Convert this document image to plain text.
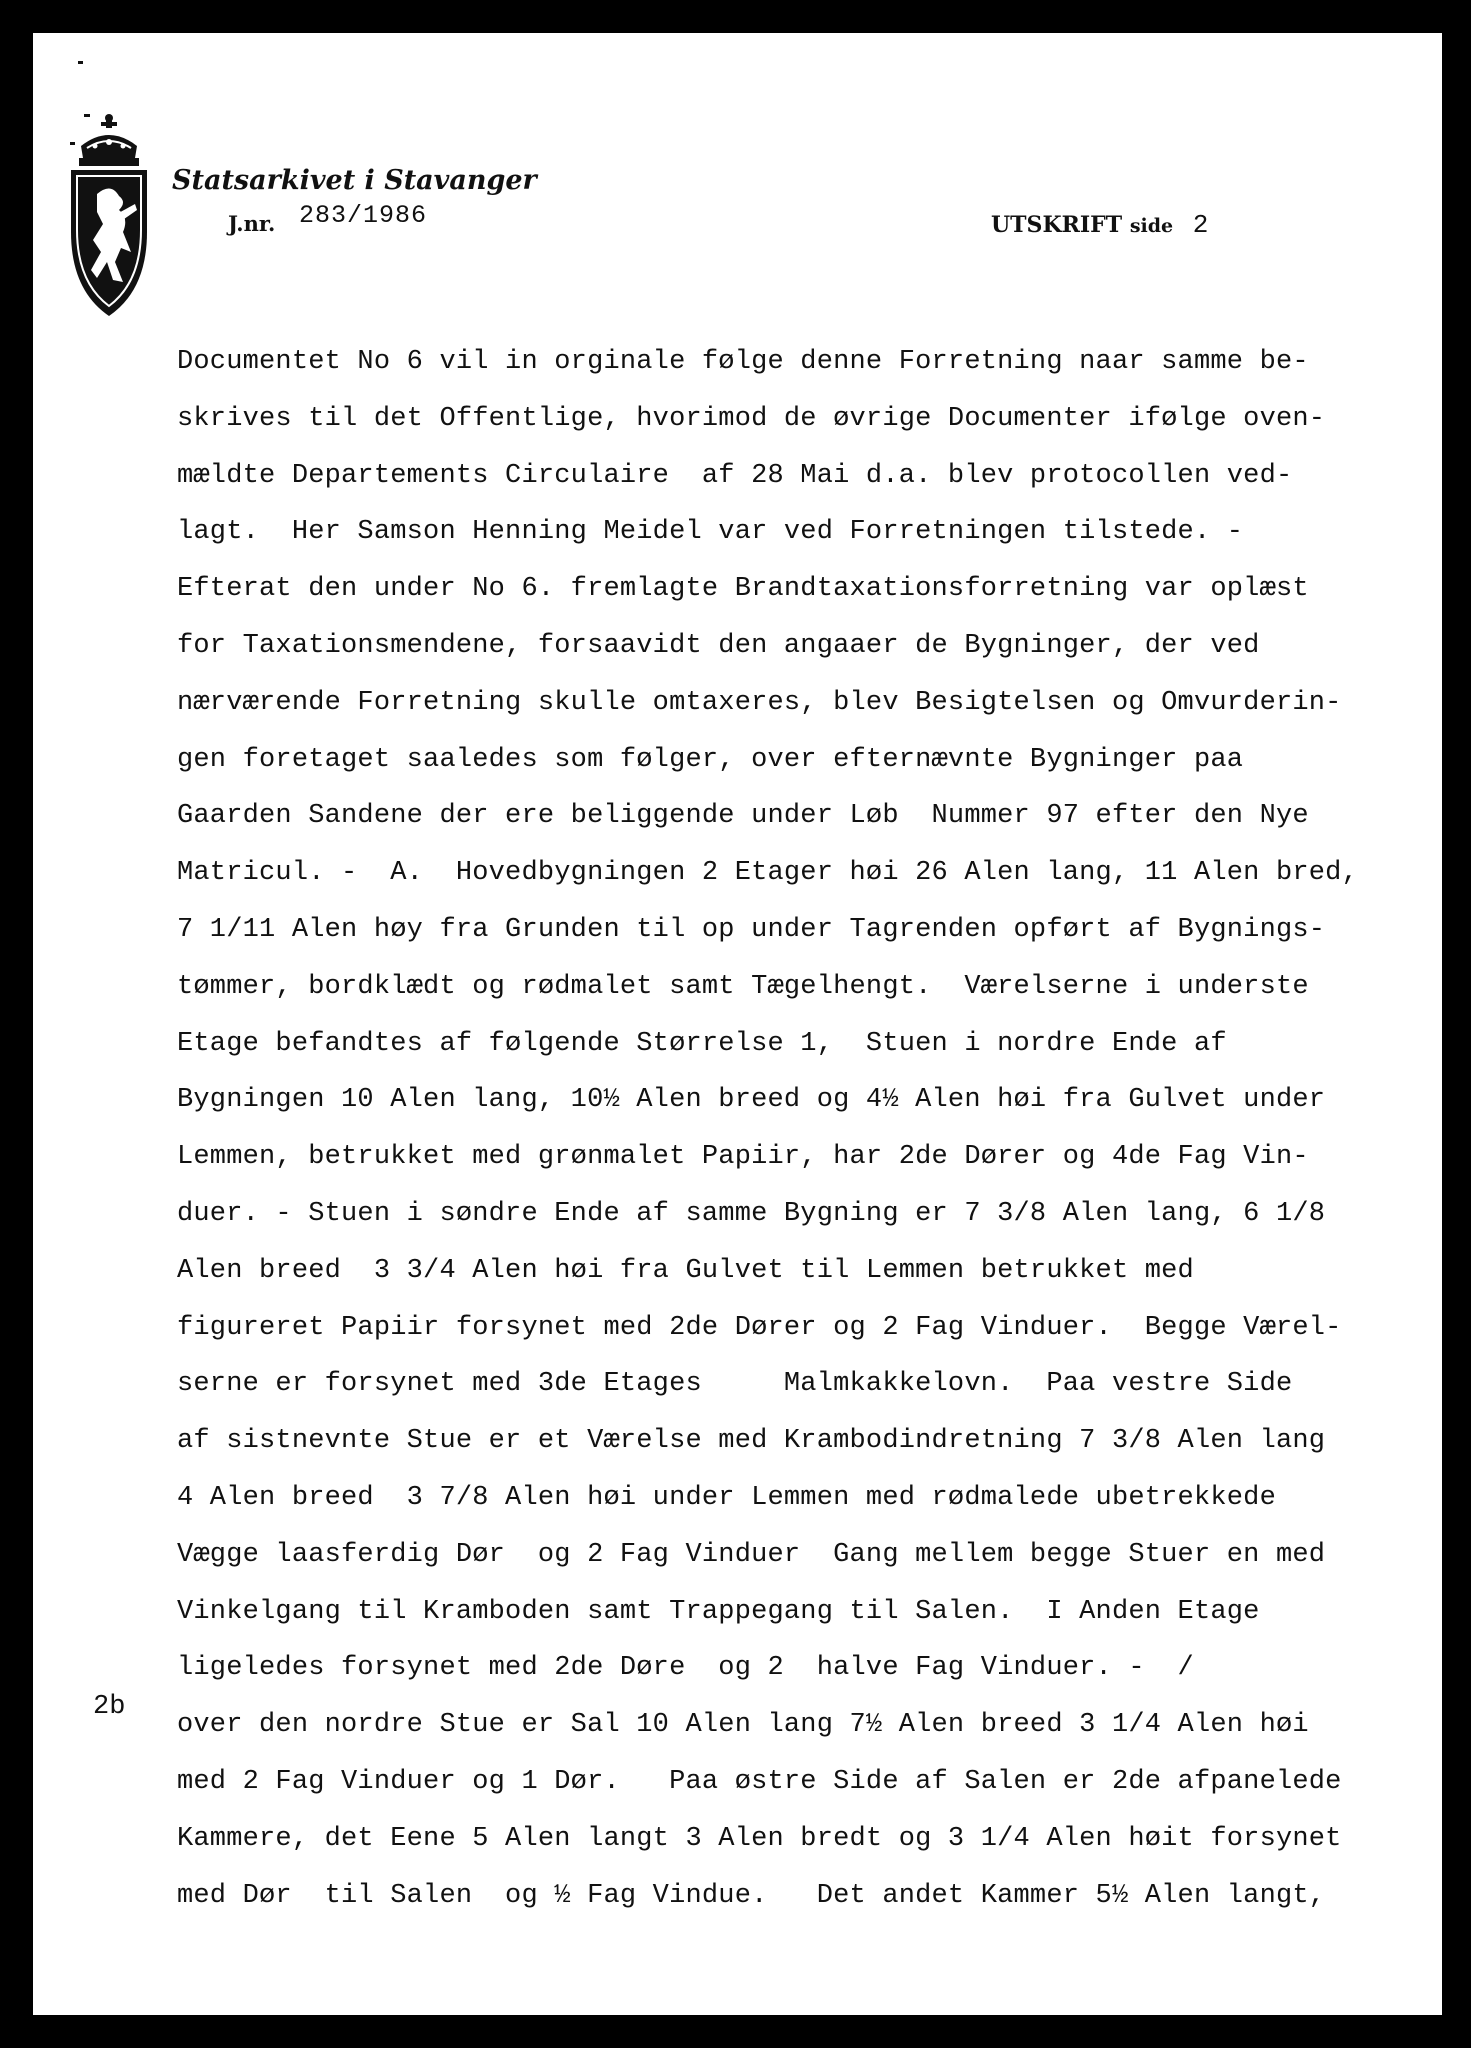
Statsarkivet i Stavanger
J.nr. 283/1986	UTSKRIFT side 2
2b
Documentet No 6 vil in orginale følge denne Forretning naar samme be-
skrives til det Offentlige, hvorimod de øvrige Documenter ifølge oven-
mældte Departements Circulaire  af 28 Mai d.a. blev protocollen ved-
lagt.  Her Samson Henning Meidel var ved Forretningen tilstede. -
Efterat den under No 6. fremlagte Brandtaxationsforretning var oplæst
for Taxationsmendene, forsaavidt den angaaer de Bygninger, der ved
nærværende Forretning skulle omtaxeres, blev Besigtelsen og Omvurderin-
gen foretaget saaledes som følger, over efternævnte Bygninger paa
Gaarden Sandene der ere beliggende under Løb  Nummer 97 efter den Nye
Matricul. -  A.  Hovedbygningen 2 Etager høi 26 Alen lang, 11 Alen bred,
7 1/11 Alen høy fra Grunden til op under Tagrenden opført af Bygnings-
tømmer, bordklædt og rødmalet samt Tægelhengt.  Værelserne i underste
Etage befandtes af følgende Størrelse 1,  Stuen i nordre Ende af
Bygningen 10 Alen lang, 10½ Alen breed og 4½ Alen høi fra Gulvet under
Lemmen, betrukket med grønmalet Papiir, har 2de Dører og 4de Fag Vin-
duer. - Stuen i søndre Ende af samme Bygning er 7 3/8 Alen lang, 6 1/8
Alen breed  3 3/4 Alen høi fra Gulvet til Lemmen betrukket med
figureret Papiir forsynet med 2de Dører og 2 Fag Vinduer.  Begge Værel-
serne er forsynet med 3de Etages     Malmkakkelovn.  Paa vestre Side
af sistnevnte Stue er et Værelse med Krambodindretning 7 3/8 Alen lang
4 Alen breed  3 7/8 Alen høi under Lemmen med rødmalede ubetrekkede
Vægge laasferdig Dør  og 2 Fag Vinduer  Gang mellem begge Stuer en med
Vinkelgang til Kramboden samt Trappegang til Salen.  I Anden Etage
ligeledes forsynet med 2de Døre  og 2  halve Fag Vinduer. -  /
over den nordre Stue er Sal 10 Alen lang 7½ Alen breed 3 1/4 Alen høi
med 2 Fag Vinduer og 1 Dør.   Paa østre Side af Salen er 2de afpanelede
Kammere, det Eene 5 Alen langt 3 Alen bredt og 3 1/4 Alen høit forsynet
med Dør  til Salen  og ½ Fag Vindue.   Det andet Kammer 5½ Alen langt,
